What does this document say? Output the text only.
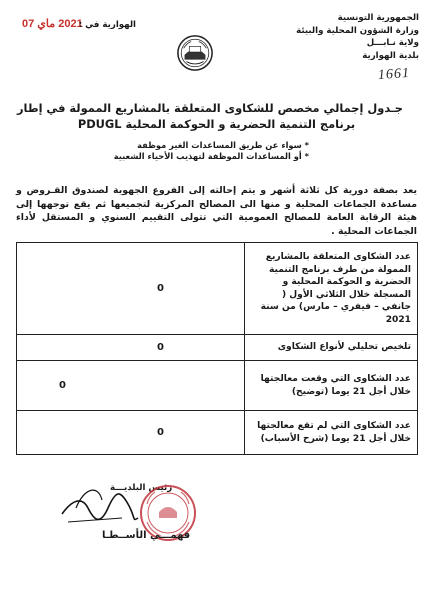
الجمهورية التونسية
وزارة الشؤون المحلية والبيئة
ولاية نـابـــل
بلدية الهوارية
1661
2021 ماي 07
الهوارية في :
جـدول إجمالي مخصص للشكاوى المتعلقة بالمشاريع الممولة في إطار
برنامج التنمية الحضرية و الحوكمة المحلية PDUGL
* سواء عن طريق المساعدات الغير موظفة
* أو المساعدات الموظفة لتهذيب الأحياء الشعبية
يعد بصفة دورية كل ثلاثة أشهر و يتم إحالته إلى الفروع الجهوية لصندوق القـروض و مساعدة الجماعات المحلية و منها الى المصالح المركزية لتجميعها ثم يقع توجهها إلى هيئة الرقابة العامة للمصالح العمومية التي تتولى التقييم السنوي و المستقل لأداء الجماعات المحلية .
عدد الشكاوى المتعلقة بالمشاريع الممولة من طرف برنامج التنمية الحضرية و الحوكمة المحلية و المسجلة خلال الثلاثي الأول ( جانفي – فيفري – مارس) من سنة 2021	0
تلخيص تحليلي لأنواع الشكاوى	0
عدد الشكاوى التي وقعت معالجتها خلال أجل 21 يوما (توضيح)	0
عدد الشكاوى التي لم تقع معالجتها خلال أجل 21 يوما (شرح الأسباب)	0
رئيس البلديـــة
فهمـــي الأســطـا
